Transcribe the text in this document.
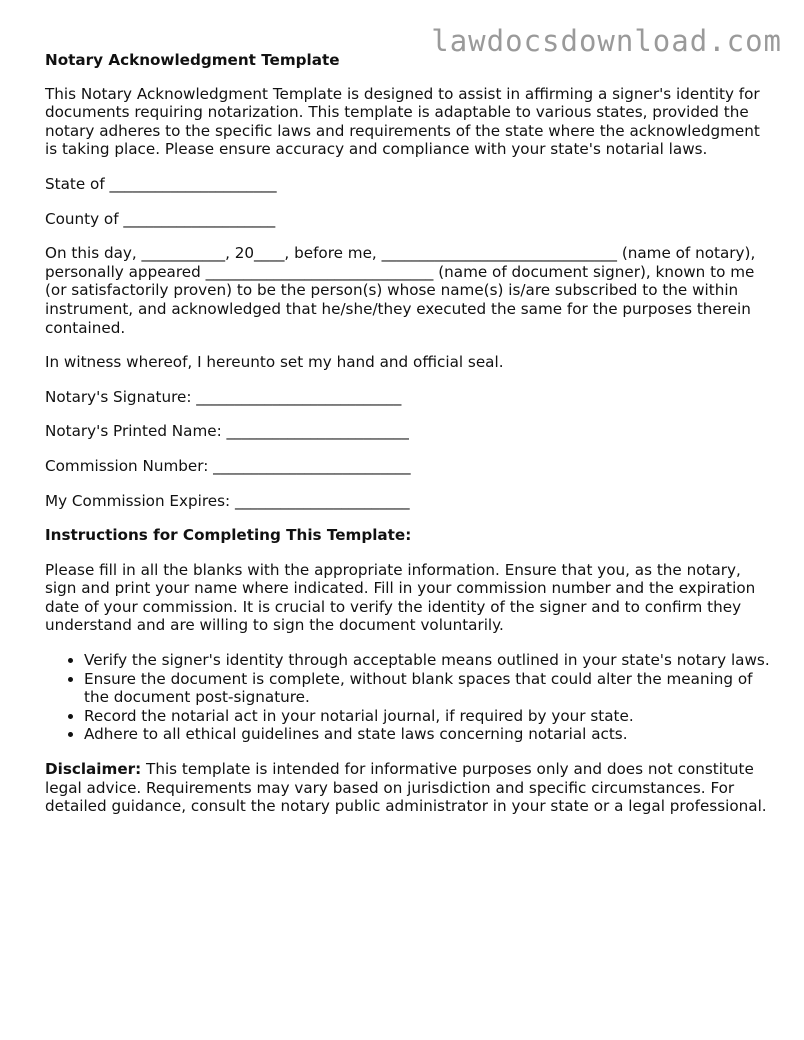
lawdocsdownload.com

Notary Acknowledgment Template

This Notary Acknowledgment Template is designed to assist in affirming a signer's identity for documents requiring notarization. This template is adaptable to various states, provided the notary adheres to the specific laws and requirements of the state where the acknowledgment is taking place. Please ensure accuracy and compliance with your state's notarial laws.

State of ______________________

County of ____________________

On this day, ___________, 20____, before me, _______________________________ (name of notary), personally appeared ______________________________ (name of document signer), known to me (or satisfactorily proven) to be the person(s) whose name(s) is/are subscribed to the within instrument, and acknowledged that he/she/they executed the same for the purposes therein contained.

In witness whereof, I hereunto set my hand and official seal.

Notary's Signature: ___________________________

Notary's Printed Name: ________________________

Commission Number: __________________________

My Commission Expires: _______________________

Instructions for Completing This Template:

Please fill in all the blanks with the appropriate information. Ensure that you, as the notary, sign and print your name where indicated. Fill in your commission number and the expiration date of your commission. It is crucial to verify the identity of the signer and to confirm they understand and are willing to sign the document voluntarily.

• Verify the signer's identity through acceptable means outlined in your state's notary laws.
• Ensure the document is complete, without blank spaces that could alter the meaning of the document post-signature.
• Record the notarial act in your notarial journal, if required by your state.
• Adhere to all ethical guidelines and state laws concerning notarial acts.

Disclaimer: This template is intended for informative purposes only and does not constitute legal advice. Requirements may vary based on jurisdiction and specific circumstances. For detailed guidance, consult the notary public administrator in your state or a legal professional.
